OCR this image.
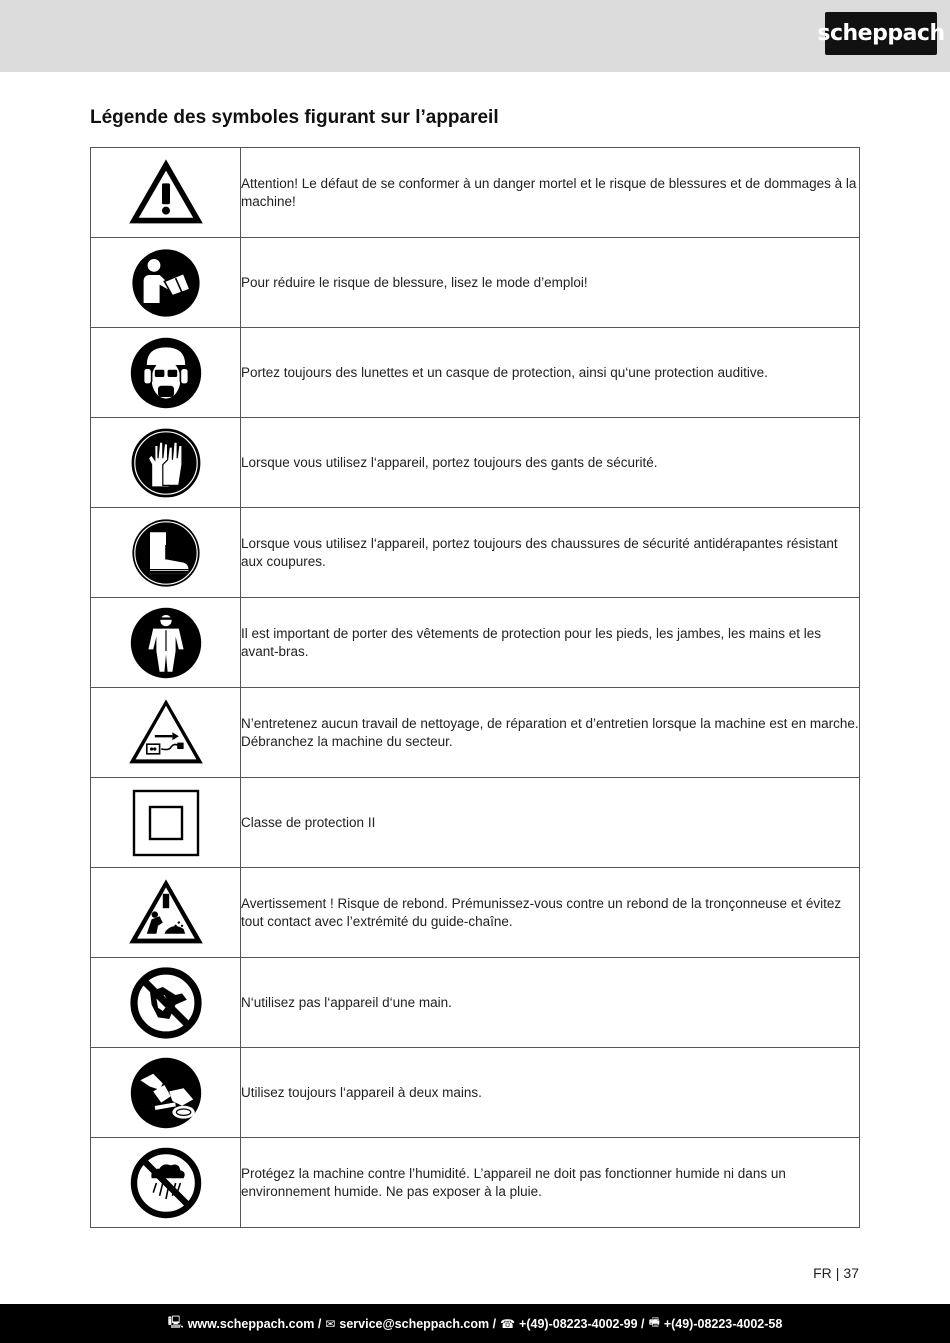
scheppach
Légende des symboles figurant sur l’appareil
	Attention! Le défaut de se conformer à un danger mortel et le risque de blessures et de dommages à la machine!

	Pour réduire le risque de blessure, lisez le mode d’emploi!

	Portez toujours des lunettes et un casque de protection, ainsi qu‘une protection auditive.

	Lorsque vous utilisez l‘appareil, portez toujours des gants de sécurité.

	Lorsque vous utilisez l‘appareil, portez toujours des chaussures de sécurité antidérapantes résistant aux coupures.

	Il est important de porter des vêtements de protection pour les pieds, les jambes, les mains et les avant-bras.

	N’entretenez aucun travail de nettoyage, de réparation et d’entretien lorsque la machine est en marche. Débranchez la machine du secteur.

	Classe de protection II

	Avertissement ! Risque de rebond. Prémunissez-vous contre un rebond de la tronçonneuse et évitez tout contact avec l’extrémité du guide-chaîne.

	N‘utilisez pas l‘appareil d‘une main.

	Utilisez toujours l‘appareil à deux mains.

	Protégez la machine contre l’humidité. L’appareil ne doit pas fonctionner humide ni dans un environnement humide. Ne pas exposer à la pluie.
FR | 37
🖳 www.scheppach.com / ✉ service@scheppach.com / ☎ +(49)-08223-4002-99 / 🖷 +(49)-08223-4002-58
